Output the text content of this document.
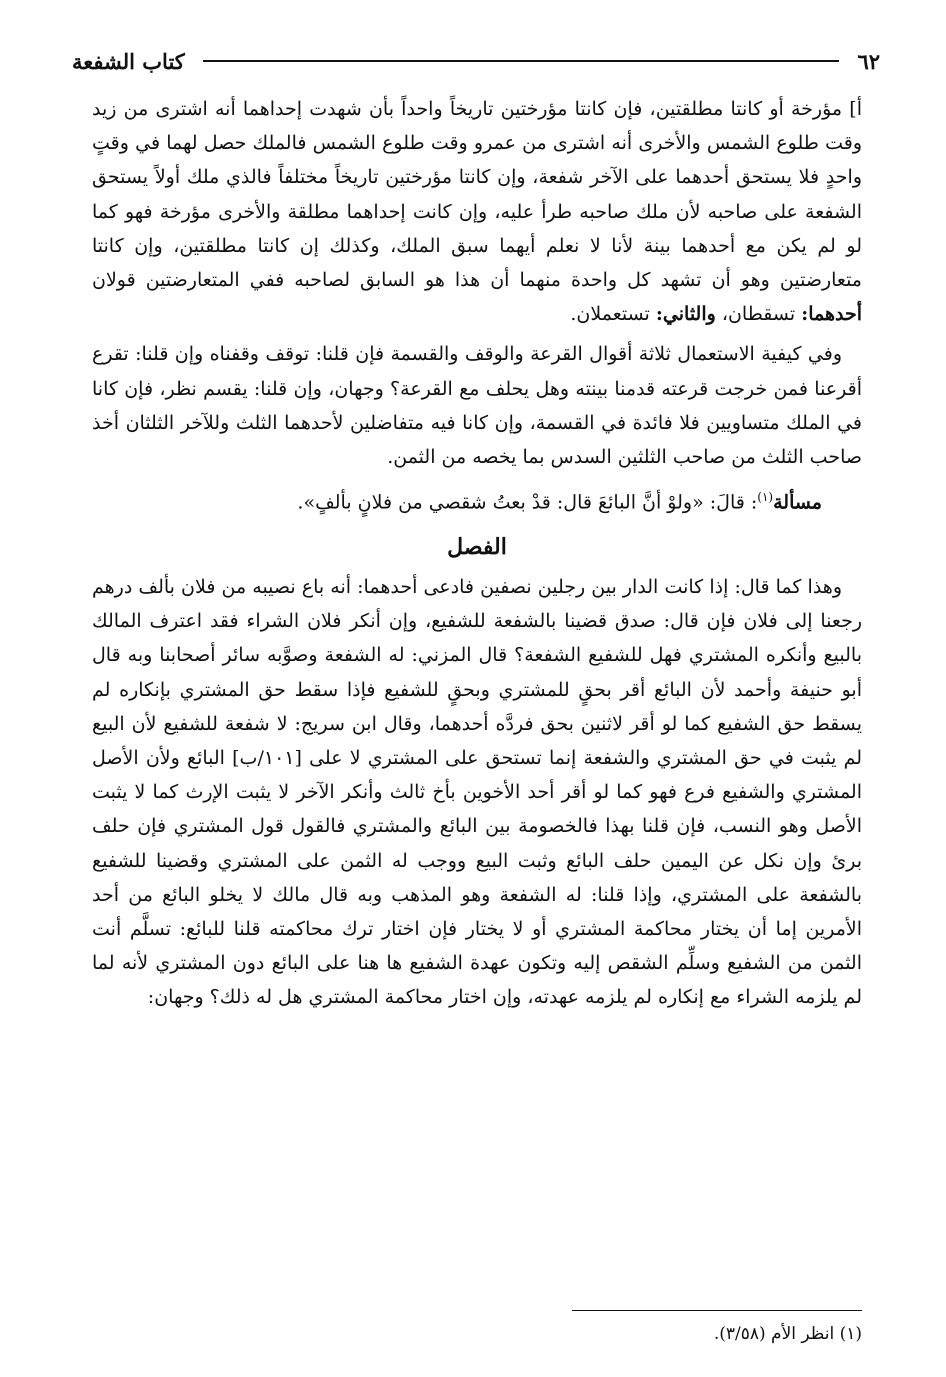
٦٢
كتاب الشفعة

أ] مؤرخة أو كانتا مطلقتين، فإن كانتا مؤرختين تاريخاً واحداً بأن شهدت إحداهما أنه اشترى من زيد وقت طلوع الشمس والأخرى أنه اشترى من عمرو وقت طلوع الشمس فالملك حصل لهما في وقتٍ واحدٍ فلا يستحق أحدهما على الآخر شفعة، وإن كانتا مؤرختين تاريخاً مختلفاً فالذي ملك أولاً يستحق الشفعة على صاحبه لأن ملك صاحبه طرأ عليه، وإن كانت إحداهما مطلقة والأخرى مؤرخة فهو كما لو لم يكن مع أحدهما بينة لأنا لا نعلم أيهما سبق الملك، وكذلك إن كانتا مطلقتين، وإن كانتا متعارضتين وهو أن تشهد كل واحدة منهما أن هذا هو السابق لصاحبه ففي المتعارضتين قولان أحدهما: تسقطان، والثاني: تستعملان.

وفي كيفية الاستعمال ثلاثة أقوال القرعة والوقف والقسمة فإن قلنا: توقف وقفناه وإن قلنا: تقرع أقرعنا فمن خرجت قرعته قدمنا بينته وهل يحلف مع القرعة؟ وجهان، وإن قلنا: يقسم نظر، فإن كانا في الملك متساويين فلا فائدة في القسمة، وإن كانا فيه متفاضلين لأحدهما الثلث وللآخر الثلثان أخذ صاحب الثلث من صاحب الثلثين السدس بما يخصه من الثمن.

مسألة$^{(١)}$: قالَ: «ولوْ أنَّ البائعَ قال: قدْ بعتُ شقصي من فلانٍ بألفٍ».

الفصل

وهذا كما قال: إذا كانت الدار بين رجلين نصفين فادعى أحدهما: أنه باع نصيبه من فلان بألف درهم رجعنا إلى فلان فإن قال: صدق قضينا بالشفعة للشفيع، وإن أنكر فلان الشراء فقد اعترف المالك بالبيع وأنكره المشتري فهل للشفيع الشفعة؟ قال المزني: له الشفعة وصوَّبه سائر أصحابنا وبه قال أبو حنيفة وأحمد لأن البائع أقر بحقٍ للمشتري وبحقٍ للشفيع فإذا سقط حق المشتري بإنكاره لم يسقط حق الشفيع كما لو أقر لاثنين بحق فردَّه أحدهما، وقال ابن سريج: لا شفعة للشفيع لأن البيع لم يثبت في حق المشتري والشفعة إنما تستحق على المشتري لا على [١٠١/ب] البائع ولأن الأصل المشتري والشفيع فرع فهو كما لو أقر أحد الأخوين بأخ ثالث وأنكر الآخر لا يثبت الإرث كما لا يثبت الأصل وهو النسب، فإن قلنا بهذا فالخصومة بين البائع والمشتري فالقول قول المشتري فإن حلف برئ وإن نكل عن اليمين حلف البائع وثبت البيع ووجب له الثمن على المشتري وقضينا للشفيع بالشفعة على المشتري، وإذا قلنا: له الشفعة وهو المذهب وبه قال مالك لا يخلو البائع من أحد الأمرين إما أن يختار محاكمة المشتري أو لا يختار فإن اختار ترك محاكمته قلنا للبائع: تسلَّم أنت الثمن من الشفيع وسلِّم الشقص إليه وتكون عهدة الشفيع ها هنا على البائع دون المشتري لأنه لما لم يلزمه الشراء مع إنكاره لم يلزمه عهدته، وإن اختار محاكمة المشتري هل له ذلك؟ وجهان:

(١) انظر الأم (٣/٥٨).
